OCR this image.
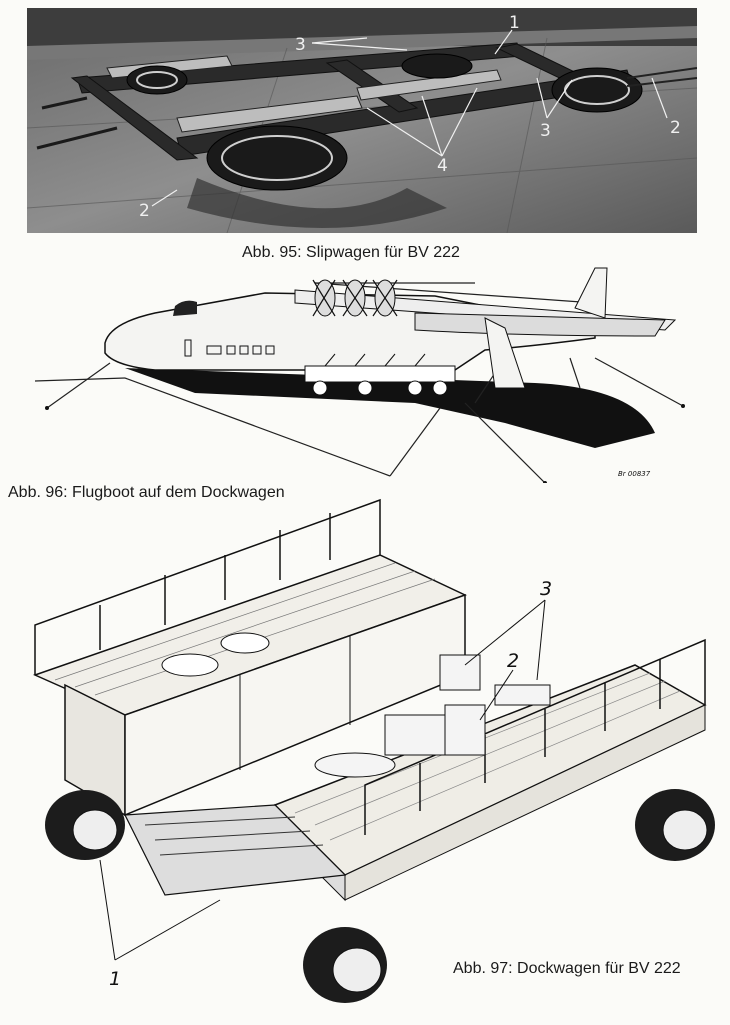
1
3
4
3	2
2
Abb. 95: Slipwagen für BV 222
Br 00837
Abb. 96: Flugboot auf dem Dockwagen
3
2
1	Abb. 97: Dockwagen für BV 222
